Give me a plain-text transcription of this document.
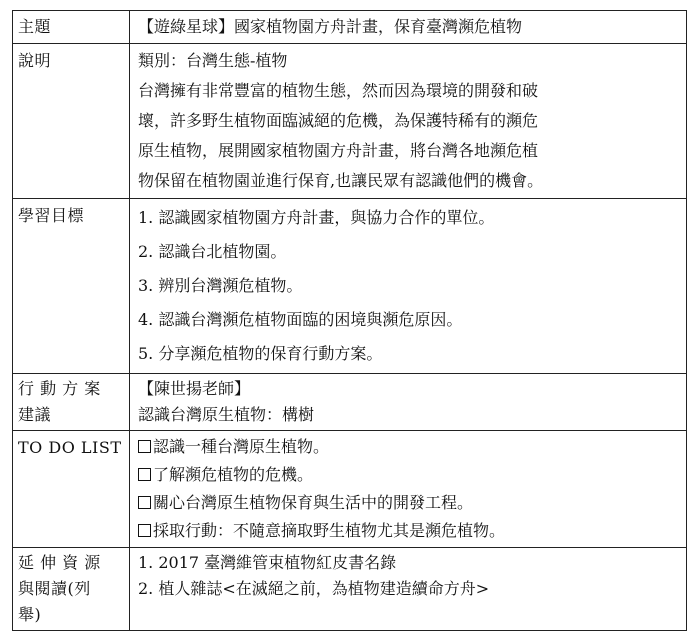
主題	【遊綠星球】國家植物園方舟計畫，保育臺灣瀕危植物
說明	類別：台灣生態-植物
台灣擁有非常豐富的植物生態，然而因為環境的開發和破
壞，許多野生植物面臨滅絕的危機，為保護特稀有的瀕危
原生植物，展開國家植物園方舟計畫，將台灣各地瀕危植
物保留在植物園並進行保育,也讓民眾有認識他們的機會。

學習目標	1. 認識國家植物園方舟計畫，與協力合作的單位。
2. 認識台北植物園。
3. 辨別台灣瀕危植物。
4. 認識台灣瀕危植物面臨的困境與瀕危原因。
5. 分享瀕危植物的保育行動方案。

行 動 方 案
建議	【陳世揚老師】
認識台灣原生植物：構樹

TO DO LIST	認識一種台灣原生植物。
了解瀕危植物的危機。
關心台灣原生植物保育與生活中的開發工程。
採取行動：不隨意摘取野生植物尤其是瀕危植物。

延 伸 資 源
與閱讀(列
舉)	1. 2017 臺灣維管束植物紅皮書名錄
2. 植人雜誌<在滅絕之前，為植物建造續命方舟>
